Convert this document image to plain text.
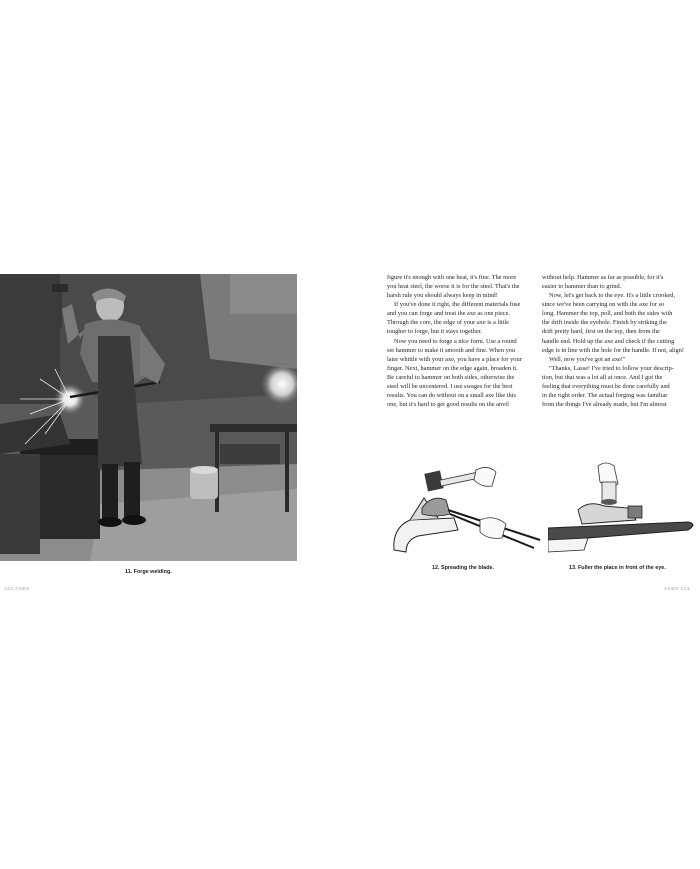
11. Forge welding.
122 AXES
figure it's enough with one heat, it's fine. The more
you heat steel, the worse it is for the steel. That's the
harsh rule you should always keep in mind!
If you've done it right, the different materials fuse
and you can forge and treat the axe as one piece.
Through the core, the edge of your axe is a little
tougher to forge, but it stays together.
Now you need to forge a nice form. Use a round
set hammer to make it smooth and fine. When you
later whittle with your axe, you have a place for your
finger. Next, hammer on the edge again, broaden it.
Be careful to hammer on both sides, otherwise the
steel will be uncentered. I use swages for the best
results. You can do without on a small axe like this
one, but it's hard to get good results on the anvil
without help. Hammer as far as possible, for it's
easier to hammer than to grind.
Now, let's get back to the eye. It's a little crooked,
since we've been carrying on with the axe for so
long. Hammer the top, poll, and both the sides with
the drift inside the eyehole. Finish by striking the
drift pretty hard, first on the top, then from the
handle end. Hold up the axe and check if the cutting
edge is in line with the hole for the handle. If not, align!
Well, now you've got an axe!"
"Thanks, Lasse! I've tried to follow your descrip-
tion, but that was a lot all at once. And I got the
feeling that everything must be done carefully and
in the right order. The actual forging was familiar
from the things I've already made, but I'm almost
12. Spreading the blade.	13. Fuller the place in front of the eye.
AXES 123
